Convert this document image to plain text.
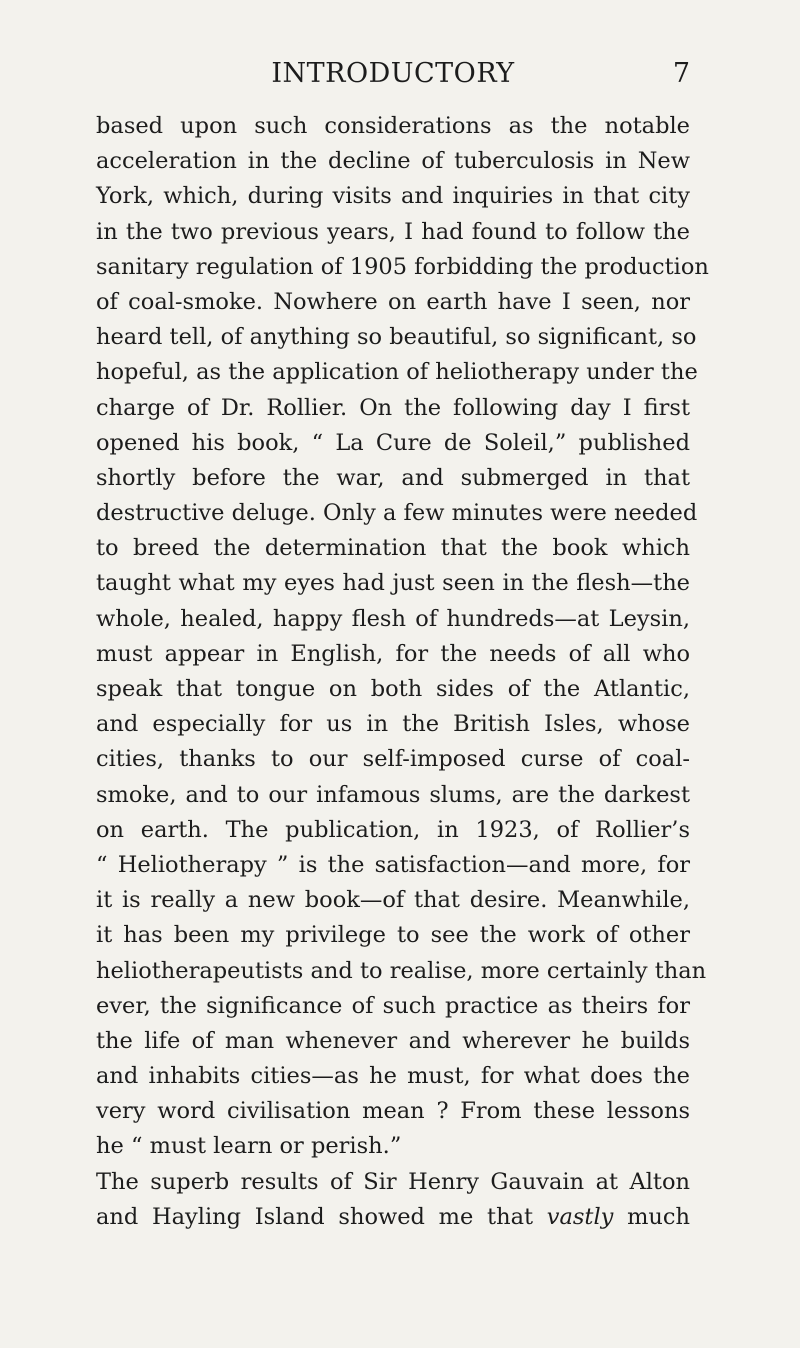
INTRODUCTORY	7
based upon such considerations as the notable
acceleration in the decline of tuberculosis in New
York, which, during visits and inquiries in that city
in the two previous years, I had found to follow the
sanitary regulation of 1905 forbidding the production
of coal-smoke. Nowhere on earth have I seen, nor
heard tell, of anything so beautiful, so significant, so
hopeful, as the application of heliotherapy under the
charge of Dr. Rollier. On the following day I first
opened his book, “ La Cure de Soleil,” published
shortly before the war, and submerged in that
destructive deluge. Only a few minutes were needed
to breed the determination that the book which
taught what my eyes had just seen in the flesh—the
whole, healed, happy flesh of hundreds—at Leysin,
must appear in English, for the needs of all who
speak that tongue on both sides of the Atlantic,
and especially for us in the British Isles, whose
cities, thanks to our self-imposed curse of coal-
smoke, and to our infamous slums, are the darkest
on earth. The publication, in 1923, of Rollier’s
“ Heliotherapy ” is the satisfaction—and more, for
it is really a new book—of that desire. Meanwhile,
it has been my privilege to see the work of other
heliotherapeutists and to realise, more certainly than
ever, the significance of such practice as theirs for
the life of man whenever and wherever he builds
and inhabits cities—as he must, for what does the
very word civilisation mean ? From these lessons
he “ must learn or perish.”
The superb results of Sir Henry Gauvain at Alton
and Hayling Island showed me that vastly much
